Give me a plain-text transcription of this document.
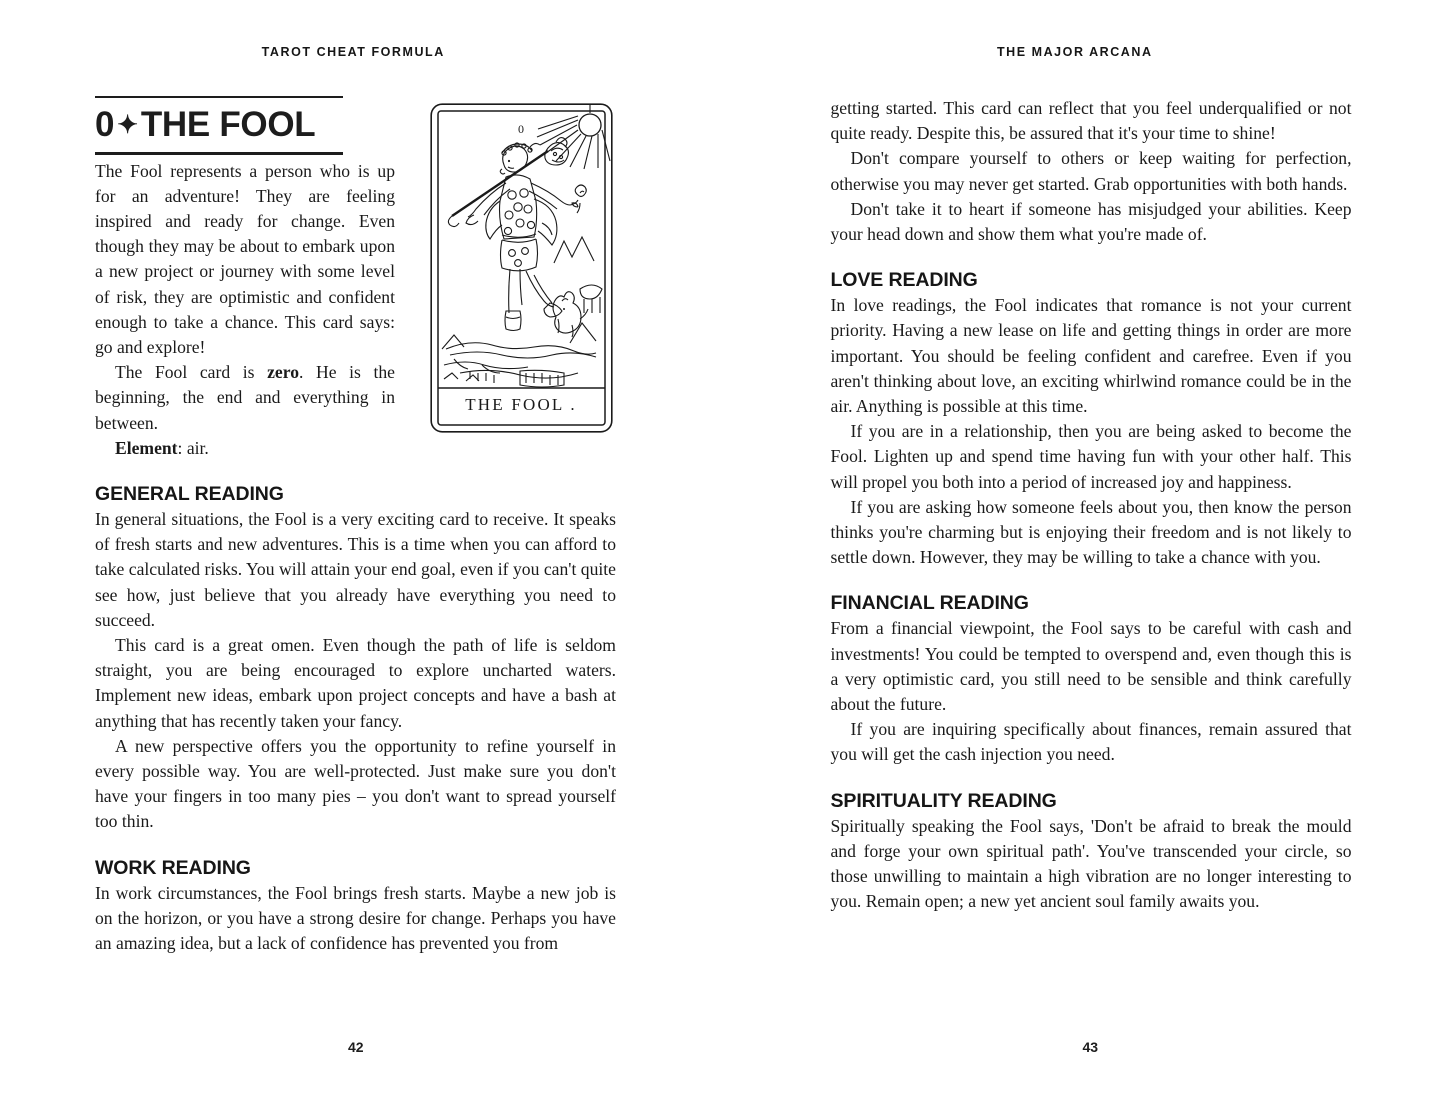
TAROT CHEAT FORMULA
0 ✦THE FOOL

The Fool represents a person who is up for an adventure! They are feeling inspired and ready for change. Even though they may be about to embark upon a new project or journey with some level of risk, they are optimistic and confident enough to take a chance. This card says: go and explore!

The Fool card is zero. He is the beginning, the end and everything in between.

Element: air.

GENERAL READING

In general situations, the Fool is a very exciting card to receive. It speaks of fresh starts and new adventures. This is a time when you can afford to take calculated risks. You will attain your end goal, even if you can't quite see how, just believe that you already have everything you need to succeed.

This card is a great omen. Even though the path of life is seldom straight, you are being encouraged to explore uncharted waters. Implement new ideas, embark upon project concepts and have a bash at anything that has recently taken your fancy.

A new perspective offers you the opportunity to refine yourself in every possible way. You are well-protected. Just make sure you don't have your fingers in too many pies – you don't want to spread yourself too thin.

WORK READING

In work circumstances, the Fool brings fresh starts. Maybe a new job is on the horizon, or you have a strong desire for change. Perhaps you have an amazing idea, but a lack of confidence has prevented you from

0
THE FOOL .
42
THE MAJOR ARCANA

getting started. This card can reflect that you feel underqualified or not quite ready. Despite this, be assured that it's your time to shine!

Don't compare yourself to others or keep waiting for perfection, otherwise you may never get started. Grab opportunities with both hands.

Don't take it to heart if someone has misjudged your abilities. Keep your head down and show them what you're made of.

LOVE READING

In love readings, the Fool indicates that romance is not your current priority. Having a new lease on life and getting things in order are more important. You should be feeling confident and carefree. Even if you aren't thinking about love, an exciting whirlwind romance could be in the air. Anything is possible at this time.

If you are in a relationship, then you are being asked to become the Fool. Lighten up and spend time having fun with your other half. This will propel you both into a period of increased joy and happiness.

If you are asking how someone feels about you, then know the person thinks you're charming but is enjoying their freedom and is not likely to settle down. However, they may be willing to take a chance with you.

FINANCIAL READING

From a financial viewpoint, the Fool says to be careful with cash and investments! You could be tempted to overspend and, even though this is a very optimistic card, you still need to be sensible and think carefully about the future.

If you are inquiring specifically about finances, remain assured that you will get the cash injection you need.

SPIRITUALITY READING

Spiritually speaking the Fool says, 'Don't be afraid to break the mould and forge your own spiritual path'. You've transcended your circle, so those unwilling to maintain a high vibration are no longer interesting to you. Remain open; a new yet ancient soul family awaits you.

43
